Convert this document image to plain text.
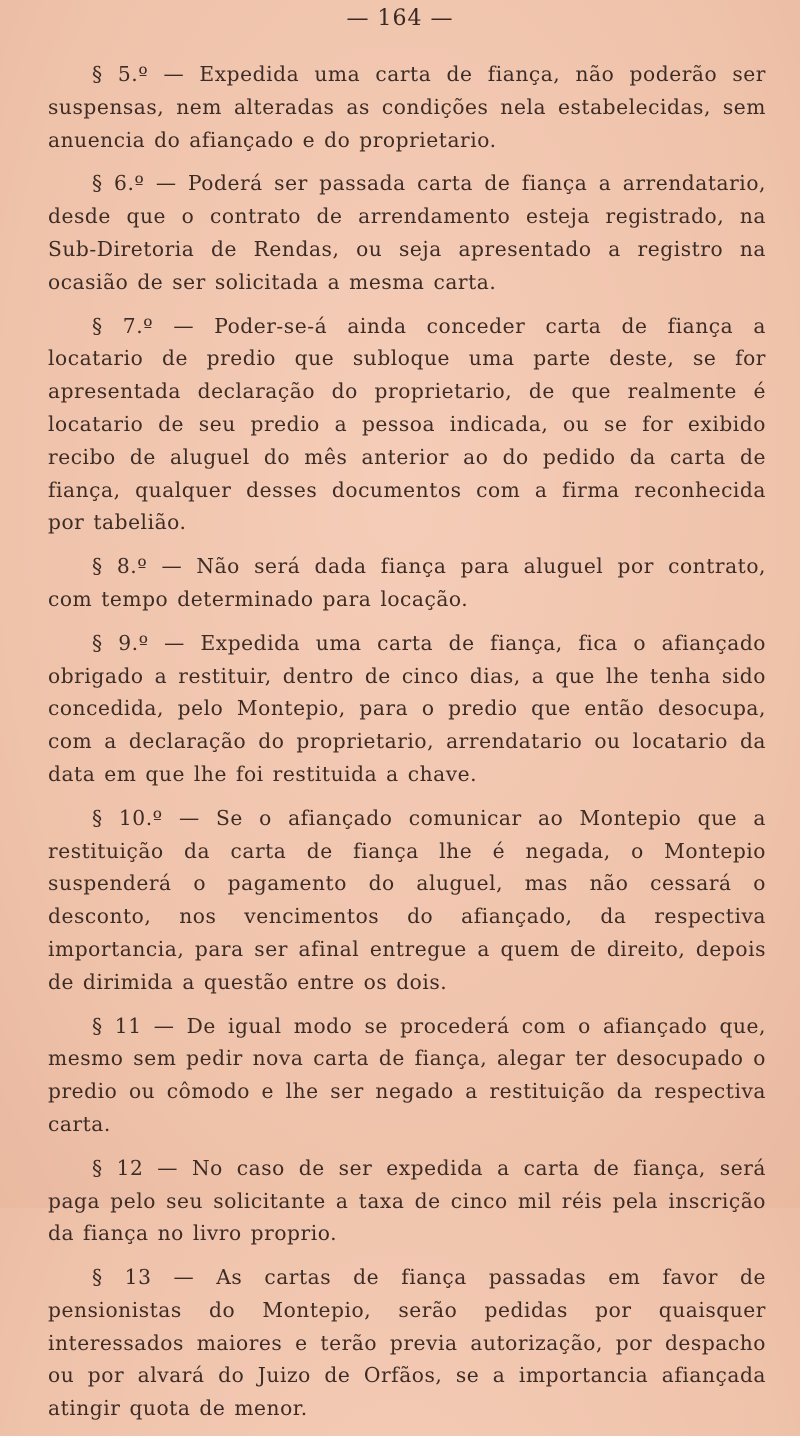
— 164 —

§ 5.º — Expedida uma carta de fiança, não poderão ser suspensas, nem alteradas as condições nela estabelecidas, sem anuencia do afiançado e do proprietario.

§ 6.º — Poderá ser passada carta de fiança a arrendatario, desde que o contrato de arrendamento esteja registrado, na Sub-Diretoria de Rendas, ou seja apresentado a registro na ocasião de ser solicitada a mesma carta.

§ 7.º — Poder-se-á ainda conceder carta de fiança a locatario de predio que subloque uma parte deste, se for apresentada declaração do proprietario, de que realmente é locatario de seu predio a pessoa indicada, ou se for exibido recibo de aluguel do mês anterior ao do pedido da carta de fiança, qualquer desses documentos com a firma reconhecida por tabelião.

§ 8.º — Não será dada fiança para aluguel por contrato, com tempo determinado para locação.

§ 9.º — Expedida uma carta de fiança, fica o afiançado obrigado a restituir, dentro de cinco dias, a que lhe tenha sido concedida, pelo Montepio, para o predio que então desocupa, com a declaração do proprietario, arrendatario ou locatario da data em que lhe foi restituida a chave.

§ 10.º — Se o afiançado comunicar ao Montepio que a restituição da carta de fiança lhe é negada, o Montepio suspenderá o pagamento do aluguel, mas não cessará o desconto, nos vencimentos do afiançado, da respectiva importancia, para ser afinal entregue a quem de direito, depois de dirimida a questão entre os dois.

§ 11 — De igual modo se procederá com o afiançado que, mesmo sem pedir nova carta de fiança, alegar ter desocupado o predio ou cômodo e lhe ser negado a restituição da respectiva carta.

§ 12 — No caso de ser expedida a carta de fiança, será paga pelo seu solicitante a taxa de cinco mil réis pela inscrição da fiança no livro proprio.

§ 13 — As cartas de fiança passadas em favor de pensionistas do Montepio, serão pedidas por quaisquer interessados maiores e terão previa autorização, por despacho ou por alvará do Juizo de Orfãos, se a importancia afiançada atingir quota de menor.
